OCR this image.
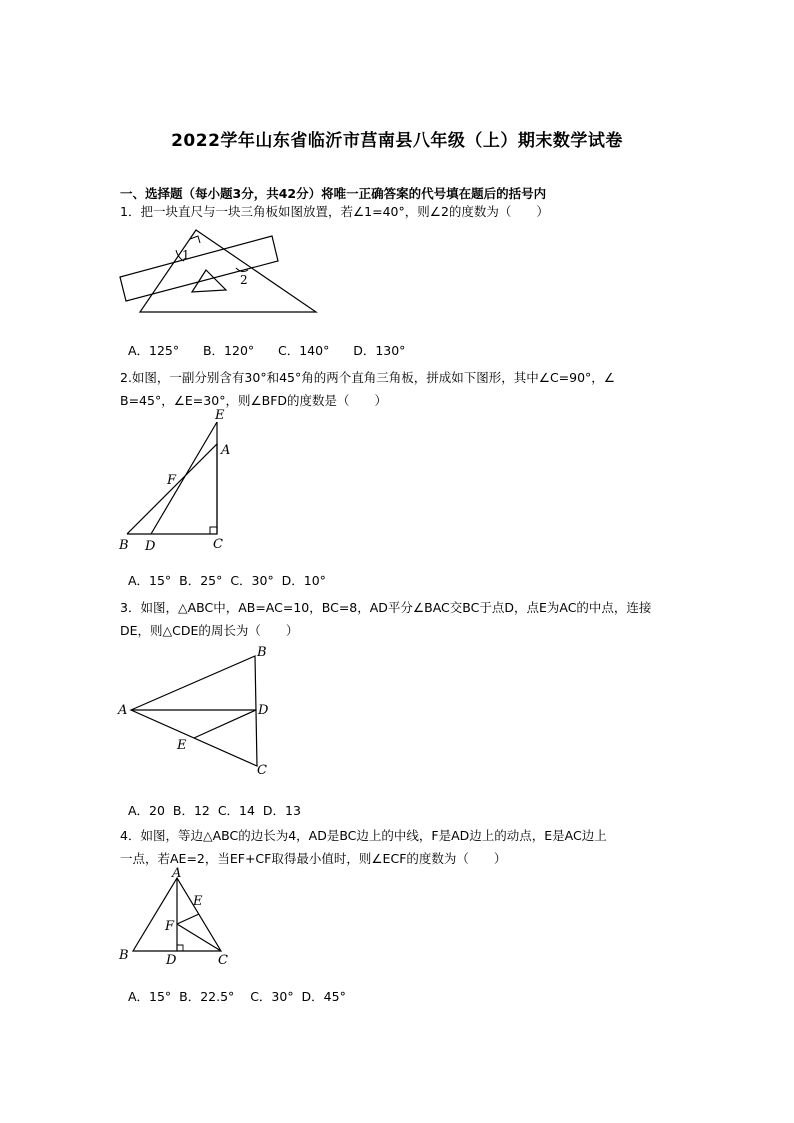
2022学年山东省临沂市莒南县八年级（上）期末数学试卷
一、选择题（每小题3分，共42分）将唯一正确答案的代号填在题后的括号内
1．把一块直尺与一块三角板如图放置，若∠1=40°，则∠2的度数为（　　）
1
2

A．125° B．120° C．140° D．130°

2.如图，一副分别含有30°和45°角的两个直角三角板，拼成如下图形，其中∠C=90°，∠
B=45°，∠E=30°，则∠BFD的度数是（　　）
E
A
F
B D	C

A．15° B．25° C．30° D．10°

3．如图，△ABC中，AB=AC=10，BC=8，AD平分∠BAC交BC于点D，点E为AC的中点，连接
DE，则△CDE的周长为（　　）
B
A	D
E
C

A．20 B．12 C．14 D．13

4．如图，等边△ABC的边长为4，AD是BC边上的中线，F是AD边上的动点，E是AC边上
一点，若AE=2，当EF+CF取得最小值时，则∠ECF的度数为（　　）
A
E
F
B	D	C

A．15° B．22.5° C．30° D．45°
